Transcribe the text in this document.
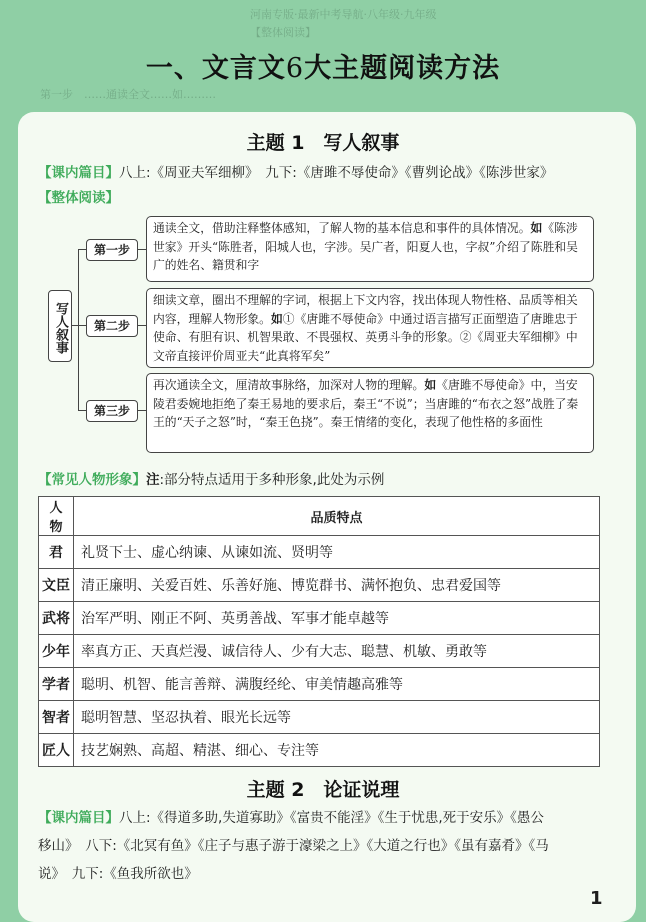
河南专版·最新中考导航·八年级·九年级
【整体阅读】
第一步　……通读全文……如………
一、文言文6大主题阅读方法
主题 1　写人叙事
【课内篇目】八上:《周亚夫军细柳》　九下:《唐雎不辱使命》《曹刿论战》《陈涉世家》
【整体阅读】
写人叙事
第一步
第二步
第三步
通读全文，借助注释整体感知，了解人物的基本信息和事件的具体情况。如《陈涉世家》开头“陈胜者，阳城人也，字涉。吴广者，阳夏人也，字叔”介绍了陈胜和吴广的姓名、籍贯和字
细读文章，圈出不理解的字词，根据上下文内容，找出体现人物性格、品质等相关内容，理解人物形象。如①《唐雎不辱使命》中通过语言描写正面塑造了唐雎忠于使命、有胆有识、机智果敢、不畏强权、英勇斗争的形象。②《周亚夫军细柳》中文帝直接评价周亚夫“此真将军矣”
再次通读全文，厘清故事脉络，加深对人物的理解。如《唐雎不辱使命》中，当安陵君委婉地拒绝了秦王易地的要求后，秦王“不说”；当唐雎的“布衣之怒”战胜了秦王的“天子之怒”时，“秦王色挠”。秦王情绪的变化，表现了他性格的多面性
【常见人物形象】注:部分特点适用于多种形象,此处为示例
人物	品质特点
君	礼贤下士、虚心纳谏、从谏如流、贤明等
文臣	清正廉明、关爱百姓、乐善好施、博览群书、满怀抱负、忠君爱国等
武将	治军严明、刚正不阿、英勇善战、军事才能卓越等
少年	率真方正、天真烂漫、诚信待人、少有大志、聪慧、机敏、勇敢等
学者	聪明、机智、能言善辩、满腹经纶、审美情趣高雅等
智者	聪明智慧、坚忍执着、眼光长远等
匠人	技艺娴熟、高超、精湛、细心、专注等
主题 2　论证说理
【课内篇目】八上:《得道多助,失道寡助》《富贵不能淫》《生于忧患,死于安乐》《愚公
移山》　八下:《北冥有鱼》《庄子与惠子游于濠梁之上》《大道之行也》《虽有嘉肴》《马
说》　九下:《鱼我所欲也》
1
